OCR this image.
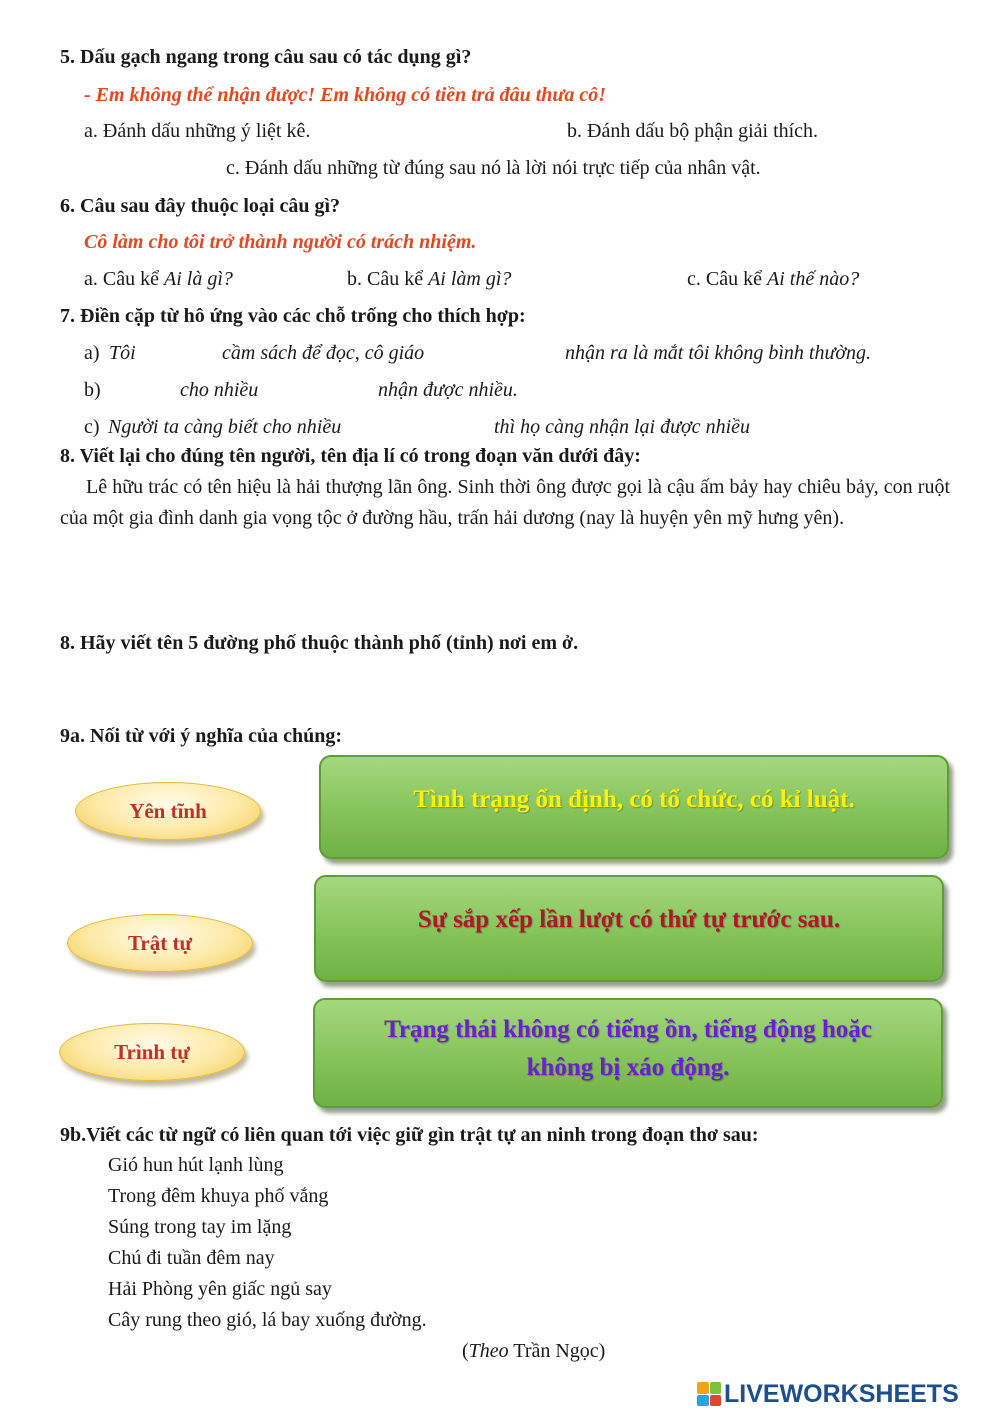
5. Dấu gạch ngang trong câu sau có tác dụng gì?
- Em không thể nhận được! Em không có tiền trả đâu thưa cô!
a. Đánh dấu những ý liệt kê.	b. Đánh dấu bộ phận giải thích.
c. Đánh dấu những từ đúng sau nó là lời nói trực tiếp của nhân vật.
6. Câu sau đây thuộc loại câu gì?
Cô làm cho tôi trở thành người có trách nhiệm.
a. Câu kể Ai là gì?	b. Câu kể Ai làm gì?	c. Câu kể Ai thế nào?
7. Điền cặp từ hô ứng vào các chỗ trống cho thích hợp:
a) Tôi	cầm sách để đọc, cô giáo	nhận ra là mắt tôi không bình thường.
b)	cho nhiều	nhận được nhiều.
c) Người ta càng biết cho nhiều	thì họ càng nhận lại được nhiều
8. Viết lại cho đúng tên người, tên địa lí có trong đoạn văn dưới đây:
Lê hữu trác có tên hiệu là hải thượng lãn ông. Sinh thời ông được gọi là cậu ấm bảy hay chiêu bảy, con ruột của một gia đình danh gia vọng tộc ở đường hầu, trấn hải dương (nay là huyện yên mỹ hưng yên).
8. Hãy viết tên 5 đường phố thuộc thành phố (tỉnh) nơi em ở.
9a. Nối từ với ý nghĩa của chúng:
Yên tĩnh
Trật tự
Trình tự
Tình trạng ổn định, có tổ chức, có kỉ luật.
Sự sắp xếp lần lượt có thứ tự trước sau.
Trạng thái không có tiếng ồn, tiếng động hoặc không bị xáo động.
9b.Viết các từ ngữ có liên quan tới việc giữ gìn trật tự an ninh trong đoạn thơ sau:
Gió hun hút lạnh lùng
Trong đêm khuya phố vắng
Súng trong tay im lặng
Chú đi tuần đêm nay
Hải Phòng yên giấc ngủ say
Cây rung theo gió, lá bay xuống đường.
(Theo Trần Ngọc)
LIVEWORKSHEETS
